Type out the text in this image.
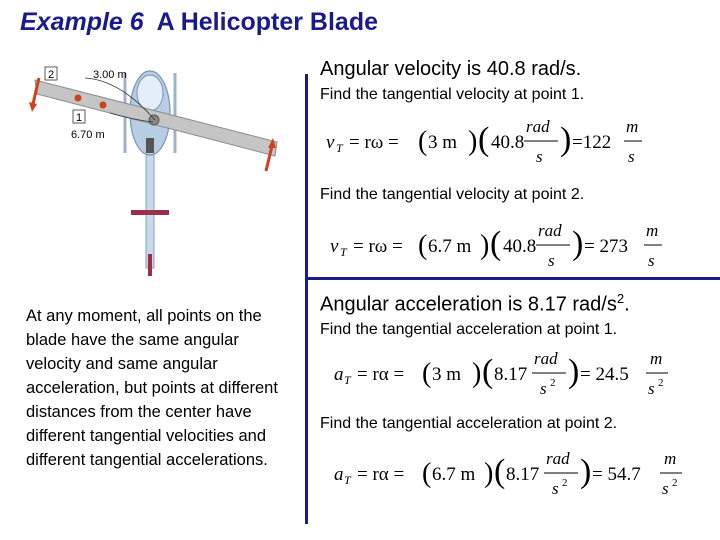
Example 6 A Helicopter Blade
2
1
3.00 m
6.70 m
Angular velocity is 40.8 rad/s.
Find the tangential velocity at point 1.
Find the tangential velocity at point 2.
Angular acceleration is 8.17 rad/$s^2$.
Find the tangential acceleration at point 1.
Find the tangential acceleration at point 2.
v T = rω = ( 3 m ) ( 40.8
rad
s ) =122
m
s
v T = rω = ( 6.7 m ) ( 40.8
rad
s ) = 273
m
s
a T = rα = ( 3 m ) ( 8.17
rad
s 2 ) = 24.5
m
s 2
a T = rα = ( 6.7 m ) ( 8.17
rad
s 2 ) = 54.7
m
s 2
At any moment, all points on the blade have the same angular velocity and same angular acceleration, but points at different distances from the center have different tangential velocities and different tangential accelerations.
